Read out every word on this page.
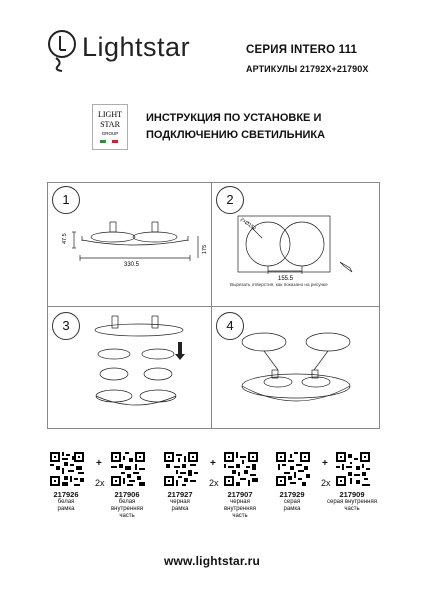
Lightstar	СЕРИЯ INTERO 111
АРТИКУЛЫ 21792X+21790X
LIGHT
STAR
GROUP
ИНСТРУКЦИЯ ПО УСТАНОВКЕ И
ПОДКЛЮЧЕНИЮ СВЕТИЛЬНИКА
1
47.5
330.5
175
2
2×Ø152
155.5
Вырезать отверстия, как показано на рисунке
3	4
217926
белая
рамка
+
2x
217906
белая внутренняя
часть
217927
черная
рамка
+
2x
217907
черная внутренняя
часть
217929
серая
рамка
+
2x
217909
серая внутренняя
часть
www.lightstar.ru
